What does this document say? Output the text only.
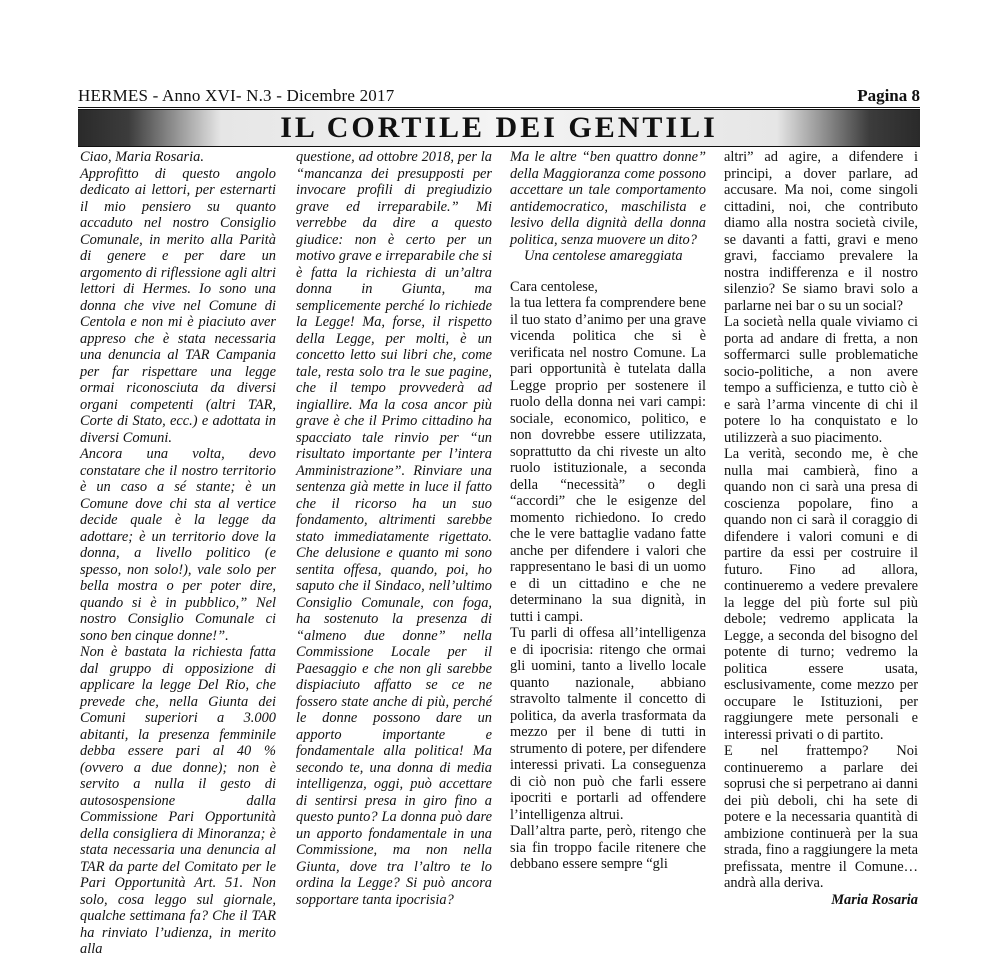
HERMES - Anno XVI- N.3 - Dicembre 2017	Pagina 8
IL CORTILE DEI GENTILI

Ciao, Maria Rosaria.

Approfitto di questo angolo dedicato ai lettori, per esternarti il mio pensiero su quanto accaduto nel nostro Consiglio Comunale, in merito alla Parità di genere e per dare un argomento di riflessione agli altri lettori di Hermes. Io sono una donna che vive nel Comune di Centola e non mi è piaciuto aver appreso che è stata necessaria una denuncia al TAR Campania per far rispettare una legge ormai riconosciuta da diversi organi competenti (altri TAR, Corte di Stato, ecc.) e adottata in diversi Comuni.

Ancora una volta, devo constatare che il nostro territorio è un caso a sé stante; è un Comune dove chi sta al vertice decide quale è la legge da adottare; è un territorio dove la donna, a livello politico (e spesso, non solo!), vale solo per bella mostra o per poter dire, quando si è in pubblico,” Nel nostro Consiglio Comunale ci sono ben cinque donne!”.

Non è bastata la richiesta fatta dal gruppo di opposizione di applicare la legge Del Rio, che prevede che, nella Giunta dei Comuni superiori a 3.000 abitanti, la presenza femminile debba essere pari al 40 % (ovvero a due donne); non è servito a nulla il gesto di autosospensione dalla Commissione Pari Opportunità della consigliera di Minoranza; è stata necessaria una denuncia al TAR da parte del Comitato per le Pari Opportunità Art. 51. Non solo, cosa leggo sul giornale, qualche settimana fa? Che il TAR ha rinviato l’udienza, in merito alla

questione, ad ottobre 2018, per la “mancanza dei presupposti per invocare profili di pregiudizio grave ed irreparabile.” Mi verrebbe da dire a questo giudice: non è certo per un motivo grave e irreparabile che si è fatta la richiesta di un’altra donna in Giunta, ma semplicemente perché lo richiede la Legge! Ma, forse, il rispetto della Legge, per molti, è un concetto letto sui libri che, come tale, resta solo tra le sue pagine, che il tempo provvederà ad ingiallire. Ma la cosa ancor più grave è che il Primo cittadino ha spacciato tale rinvio per “un risultato importante per l’intera Amministrazione”. Rinviare una sentenza già mette in luce il fatto che il ricorso ha un suo fondamento, altrimenti sarebbe stato immediatamente rigettato. Che delusione e quanto mi sono sentita offesa, quando, poi, ho saputo che il Sindaco, nell’ultimo Consiglio Comunale, con foga, ha sostenuto la presenza di “almeno due donne” nella Commissione Locale per il Paesaggio e che non gli sarebbe dispiaciuto affatto se ce ne fossero state anche di più, perché le donne possono dare un apporto importante e fondamentale alla politica! Ma secondo te, una donna di media intelligenza, oggi, può accettare di sentirsi presa in giro fino a questo punto? La donna può dare un apporto fondamentale in una Commissione, ma non nella Giunta, dove tra l’altro te lo ordina la Legge? Si può ancora sopportare tanta ipocrisia?

Ma le altre “ben quattro donne” della Maggioranza come possono accettare un tale comportamento antidemocratico, maschilista e lesivo della dignità della donna politica, senza muovere un dito?

Una centolese amareggiata

Cara centolese,

la tua lettera fa comprendere bene il tuo stato d’animo per una grave vicenda politica che si è verificata nel nostro Comune. La pari opportunità è tutelata dalla Legge proprio per sostenere il ruolo della donna nei vari campi: sociale, economico, politico, e non dovrebbe essere utilizzata, soprattutto da chi riveste un alto ruolo istituzionale, a seconda della “necessità” o degli “accordi” che le esigenze del momento richiedono. Io credo che le vere battaglie vadano fatte anche per difendere i valori che rappresentano le basi di un uomo e di un cittadino e che ne determinano la sua dignità, in tutti i campi.

Tu parli di offesa all’intelligenza e di ipocrisia: ritengo che ormai gli uomini, tanto a livello locale quanto nazionale, abbiano stravolto talmente il concetto di politica, da averla trasformata da mezzo per il bene di tutti in strumento di potere, per difendere interessi privati. La conseguenza di ciò non può che farli essere ipocriti e portarli ad offendere l’intelligenza altrui.

Dall’altra parte, però, ritengo che sia fin troppo facile ritenere che debbano essere sempre “gli

altri” ad agire, a difendere i principi, a dover parlare, ad accusare. Ma noi, come singoli cittadini, noi, che contributo diamo alla nostra società civile, se davanti a fatti, gravi e meno gravi, facciamo prevalere la nostra indifferenza e il nostro silenzio? Se siamo bravi solo a parlarne nei bar o su un social?

La società nella quale viviamo ci porta ad andare di fretta, a non soffermarci sulle problematiche socio-politiche, a non avere tempo a sufficienza, e tutto ciò è e sarà l’arma vincente di chi il potere lo ha conquistato e lo utilizzerà a suo piacimento.

La verità, secondo me, è che nulla mai cambierà, fino a quando non ci sarà una presa di coscienza popolare, fino a quando non ci sarà il coraggio di difendere i valori comuni e di partire da essi per costruire il futuro. Fino ad allora, continueremo a vedere prevalere la legge del più forte sul più debole; vedremo applicata la Legge, a seconda del bisogno del potente di turno; vedremo la politica essere usata, esclusivamente, come mezzo per occupare le Istituzioni, per raggiungere mete personali e interessi privati o di partito.

E nel frattempo? Noi continueremo a parlare dei soprusi che si perpetrano ai danni dei più deboli, chi ha sete di potere e la necessaria quantità di ambizione continuerà per la sua strada, fino a raggiungere la meta prefissata, mentre il Comune… andrà alla deriva.

Maria Rosaria
